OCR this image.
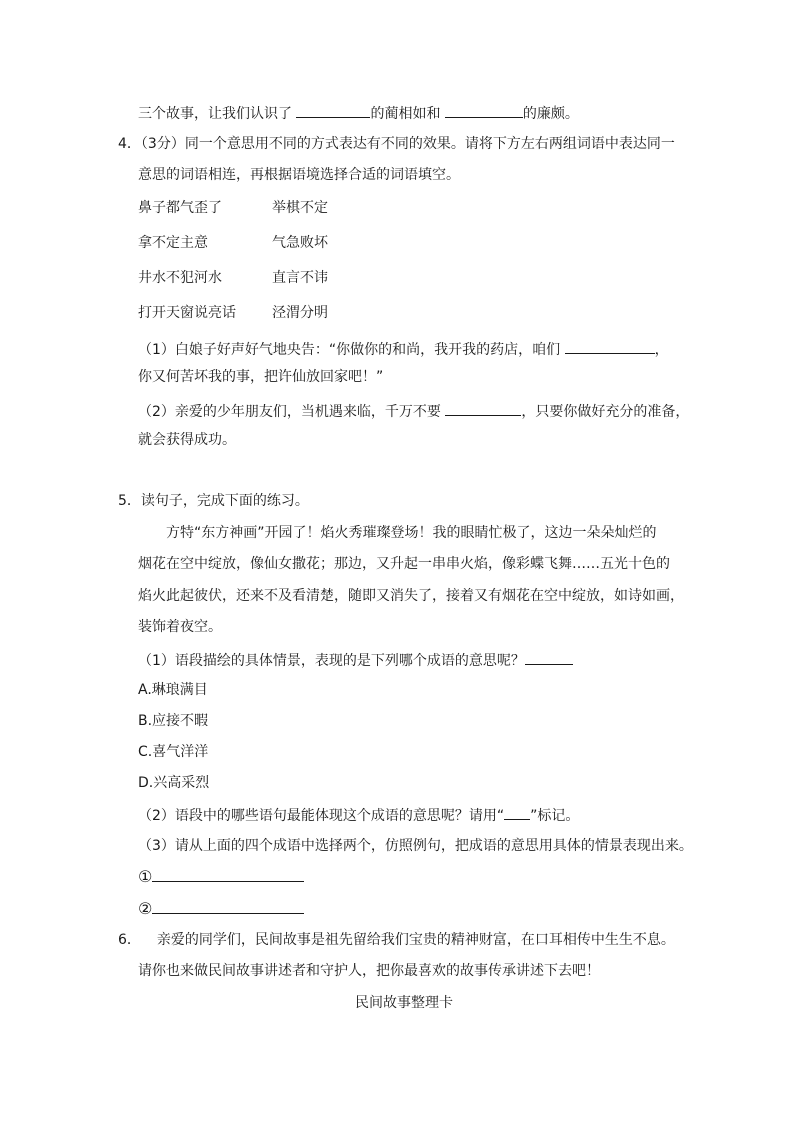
三个故事，让我们认识了	的蔺相如和	的廉颇。
4．（3分）同一个意思用不同的方式表达有不同的效果。请将下方左右两组词语中表达同一
意思的词语相连，再根据语境选择合适的词语填空。
鼻子都气歪了	举棋不定
拿不定主意	气急败坏
井水不犯河水	直言不讳
打开天窗说亮话	泾渭分明
（1）白娘子好声好气地央告：“你做你的和尚，我开我的药店，咱们	，
你又何苦坏我的事，把许仙放回家吧！”
（2）亲爱的少年朋友们，当机遇来临，千万不要	，只要你做好充分的准备，
就会获得成功。
5．读句子，完成下面的练习。
方特“东方神画”开园了！焰火秀璀璨登场！我的眼睛忙极了，这边一朵朵灿烂的
烟花在空中绽放，像仙女撒花；那边，又升起一串串火焰，像彩蝶飞舞……五光十色的
焰火此起彼伏，还来不及看清楚，随即又消失了，接着又有烟花在空中绽放，如诗如画，
装饰着夜空。
（1）语段描绘的具体情景，表现的是下列哪个成语的意思呢？
A.琳琅满目
B.应接不暇
C.喜气洋洋
D.兴高采烈
（2）语段中的哪些语句最能体现这个成语的意思呢？请用“ ”标记。
（3）请从上面的四个成语中选择两个，仿照例句，把成语的意思用具体的情景表现出来。
①
②
6． 亲爱的同学们，民间故事是祖先留给我们宝贵的精神财富，在口耳相传中生生不息。
请你也来做民间故事讲述者和守护人，把你最喜欢的故事传承讲述下去吧！
民间故事整理卡
